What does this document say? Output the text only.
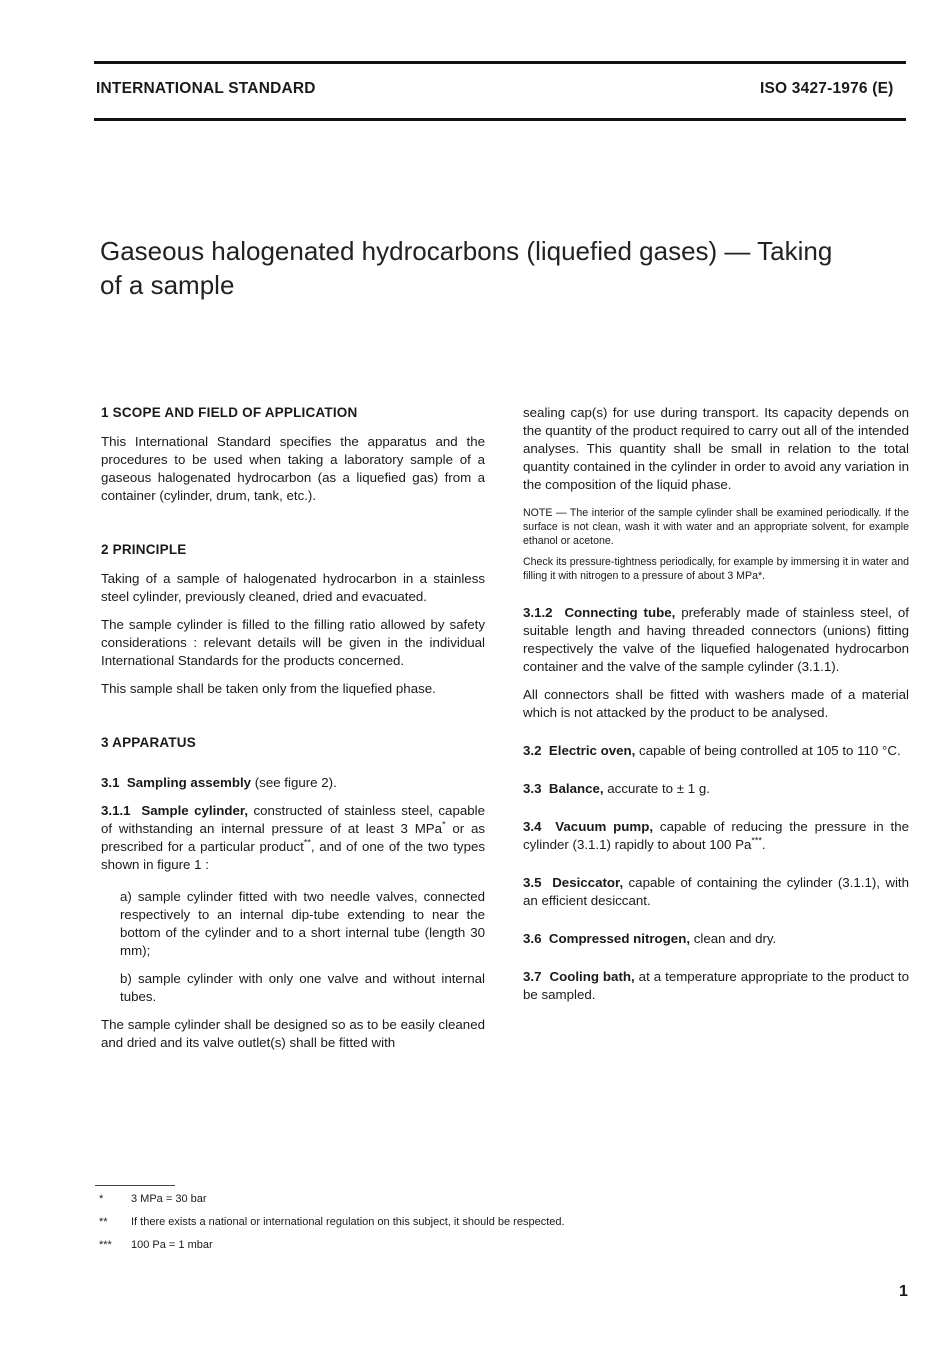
INTERNATIONAL STANDARD	ISO 3427-1976 (E)
Gaseous halogenated hydrocarbons (liquefied gases) — Taking
of a sample

1 SCOPE AND FIELD OF APPLICATION

This International Standard specifies the apparatus and the procedures to be used when taking a laboratory sample of a gaseous halogenated hydrocarbon (as a liquefied gas) from a container (cylinder, drum, tank, etc.).

2 PRINCIPLE

Taking of a sample of halogenated hydrocarbon in a stainless steel cylinder, previously cleaned, dried and evacuated.

The sample cylinder is filled to the filling ratio allowed by safety considerations : relevant details will be given in the individual International Standards for the products concerned.

This sample shall be taken only from the liquefied phase.

3 APPARATUS

3.1 Sampling assembly (see figure 2).

3.1.1 Sample cylinder, constructed of stainless steel, capable of withstanding an internal pressure of at least 3 MPa* or as prescribed for a particular product**, and of one of the two types shown in figure 1 :

a) sample cylinder fitted with two needle valves, connected respectively to an internal dip-tube extending to near the bottom of the cylinder and to a short internal tube (length 30 mm);

b) sample cylinder with only one valve and without internal tubes.

The sample cylinder shall be designed so as to be easily cleaned and dried and its valve outlet(s) shall be fitted with

sealing cap(s) for use during transport. Its capacity depends on the quantity of the product required to carry out all of the intended analyses. This quantity shall be small in relation to the total quantity contained in the cylinder in order to avoid any variation in the composition of the liquid phase.

NOTE — The interior of the sample cylinder shall be examined periodically. If the surface is not clean, wash it with water and an appropriate solvent, for example ethanol or acetone.

Check its pressure-tightness periodically, for example by immersing it in water and filling it with nitrogen to a pressure of about 3 MPa*.

3.1.2 Connecting tube, preferably made of stainless steel, of suitable length and having threaded connectors (unions) fitting respectively the valve of the liquefied halogenated hydrocarbon container and the valve of the sample cylinder (3.1.1).

All connectors shall be fitted with washers made of a material which is not attacked by the product to be analysed.

3.2 Electric oven, capable of being controlled at 105 to 110 °C.

3.3 Balance, accurate to ± 1 g.

3.4 Vacuum pump, capable of reducing the pressure in the cylinder (3.1.1) rapidly to about 100 Pa***.

3.5 Desiccator, capable of containing the cylinder (3.1.1), with an efficient desiccant.

3.6 Compressed nitrogen, clean and dry.

3.7 Cooling bath, at a temperature appropriate to the product to be sampled.

*	3 MPa = 30 bar
** If there exists a national or international regulation on this subject, it should be respected.
*** 100 Pa = 1 mbar
1
